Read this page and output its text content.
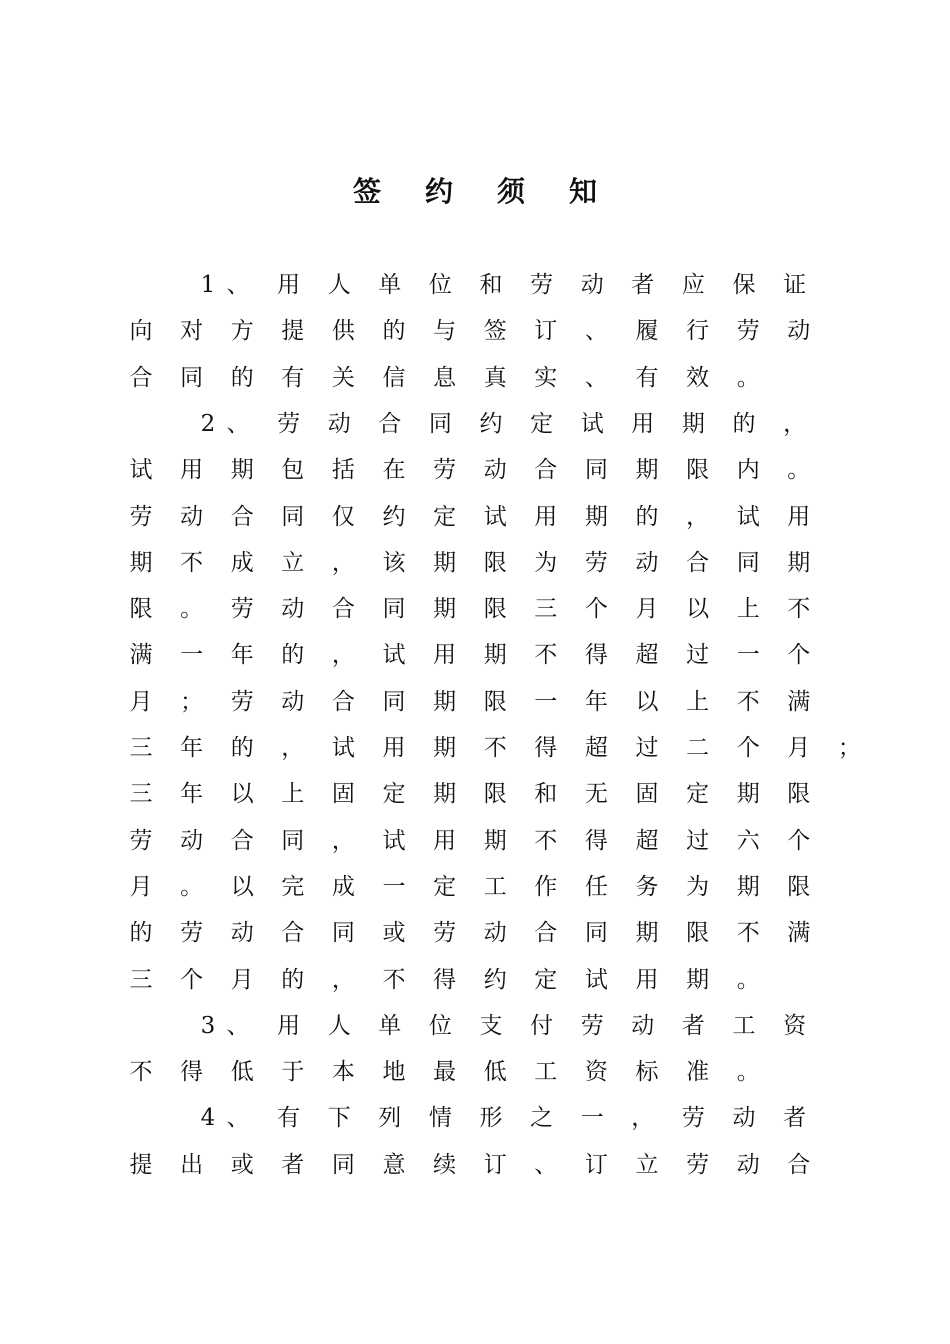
签约须知
1 、 用 人 单 位 和 劳 动 者 应 保 证
向 对 方 提 供 的 与 签 订 、 履 行 劳 动
合 同 的 有 关 信 息 真 实 、 有 效 。
2 、 劳 动 合 同 约 定 试 用 期 的 ，
试 用 期 包 括 在 劳 动 合 同 期 限 内 。
劳 动 合 同 仅 约 定 试 用 期 的 ， 试 用
期 不 成 立 ， 该 期 限 为 劳 动 合 同 期
限 。 劳 动 合 同 期 限 三 个 月 以 上 不
满 一 年 的 ， 试 用 期 不 得 超 过 一 个
月 ； 劳 动 合 同 期 限 一 年 以 上 不 满
三 年 的 ， 试 用 期 不 得 超 过 二 个 月 ；
三 年 以 上 固 定 期 限 和 无 固 定 期 限
劳 动 合 同 ， 试 用 期 不 得 超 过 六 个
月 。 以 完 成 一 定 工 作 任 务 为 期 限
的 劳 动 合 同 或 劳 动 合 同 期 限 不 满
三 个 月 的 ， 不 得 约 定 试 用 期 。
3 、 用 人 单 位 支 付 劳 动 者 工 资
不 得 低 于 本 地 最 低 工 资 标 准 。
4 、 有 下 列 情 形 之 一 ， 劳 动 者
提 出 或 者 同 意 续 订 、 订 立 劳 动 合
